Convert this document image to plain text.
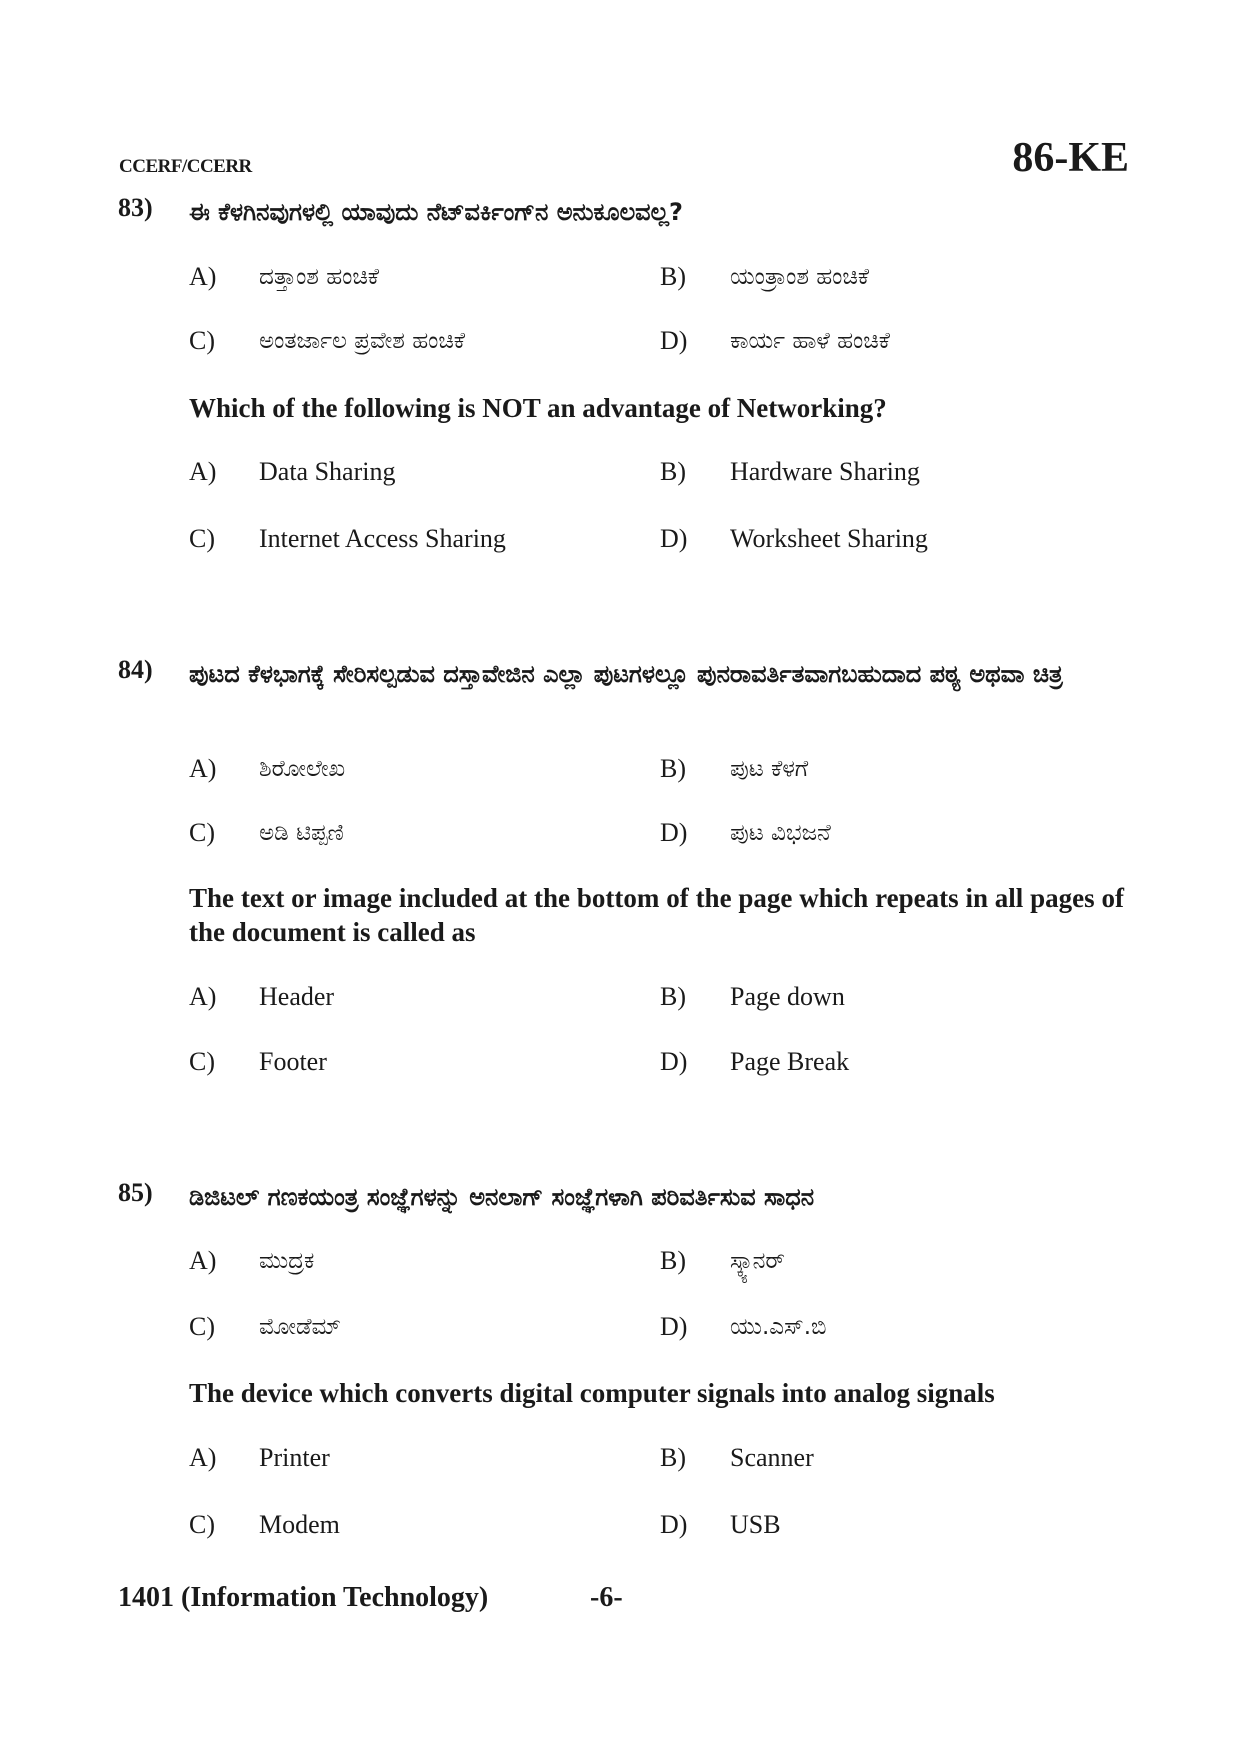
CCERF/CCERR	86-KE
83) ಈ ಕೆಳಗಿನವುಗಳಲ್ಲಿ ಯಾವುದು ನೆಟ್‌ವರ್ಕಿಂಗ್‌ನ ಅನುಕೂಲವಲ್ಲ?
A) ದತ್ತಾಂಶ ಹಂಚಿಕೆ	B) ಯಂತ್ರಾಂಶ ಹಂಚಿಕೆ
C) ಅಂತರ್ಜಾಲ ಪ್ರವೇಶ ಹಂಚಿಕೆ	D) ಕಾರ್ಯ ಹಾಳೆ ಹಂಚಿಕೆ
Which of the following is NOT an advantage of Networking?
A) Data Sharing	B) Hardware Sharing
C) Internet Access Sharing	D) Worksheet Sharing
84) ಪುಟದ ಕೆಳಭಾಗಕ್ಕೆ ಸೇರಿಸಲ್ಪಡುವ ದಸ್ತಾವೇಜಿನ ಎಲ್ಲಾ ಪುಟಗಳಲ್ಲೂ ಪುನರಾವರ್ತಿತವಾಗಬಹುದಾದ ಪಠ್ಯ ಅಥವಾ ಚಿತ್ರ
A) ಶಿರೋಲೇಖ	B) ಪುಟ ಕೆಳಗೆ
C) ಅಡಿ ಟಿಪ್ಪಣಿ	D) ಪುಟ ವಿಭಜನೆ
The text or image included at the bottom of the page which repeats in all pages of the document is called as
A) Header	B) Page down
C) Footer	D) Page Break
85) ಡಿಜಿಟಲ್ ಗಣಕಯಂತ್ರ ಸಂಜ್ಞೆಗಳನ್ನು ಅನಲಾಗ್ ಸಂಜ್ಞೆಗಳಾಗಿ ಪರಿವರ್ತಿಸುವ ಸಾಧನ
A) ಮುದ್ರಕ	B) ಸ್ಕ್ಯಾನರ್
C) ಮೋಡೆಮ್	D) ಯು.ಎಸ್.ಬಿ
The device which converts digital computer signals into analog signals
A) Printer	B) Scanner
C) Modem	D) USB
1401 (Information Technology)	-6-
